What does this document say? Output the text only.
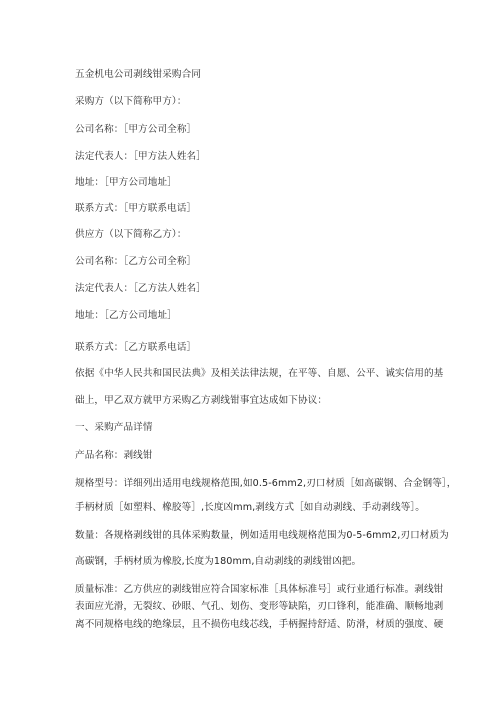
五金机电公司剥线钳采购合同
采购方（以下简称甲方）：
公司名称：［甲方公司全称］
法定代表人：［甲方法人姓名］
地址：［甲方公司地址］
联系方式：［甲方联系电话］
供应方（以下简称乙方）：
公司名称：［乙方公司全称］
法定代表人：［乙方法人姓名］
地址：［乙方公司地址］
联系方式：［乙方联系电话］
依据《中华人民共和国民法典》及相关法律法规，在平等、自愿、公平、诚实信用的基
础上，甲乙双方就甲方采购乙方剥线钳事宜达成如下协议：
一、采购产品详情
产品名称：剥线钳
规格型号：详细列出适用电线规格范围,如0.5-6mm2,刃口材质［如高碳钢、合金钢等］，
手柄材质［如塑料、橡胶等］,长度凶mm,剥线方式［如自动剥线、手动剥线等］。
数量：各规格剥线钳的具体采购数量，例如适用电线规格范围为0-5-6mm2,刃口材质为
高碳钢，手柄材质为橡胶,长度为180mm,自动剥线的剥线钳凶把。
质量标准：乙方供应的剥线钳应符合国家标准［具体标准号］或行业通行标准。剥线钳
表面应光滑，无裂纹、砂眼、气孔、划伤、变形等缺陷，刃口锋利，能准确、顺畅地剥
离不同规格电线的绝缘层，且不损伤电线芯线，手柄握持舒适、防滑，材质的强度、硬
